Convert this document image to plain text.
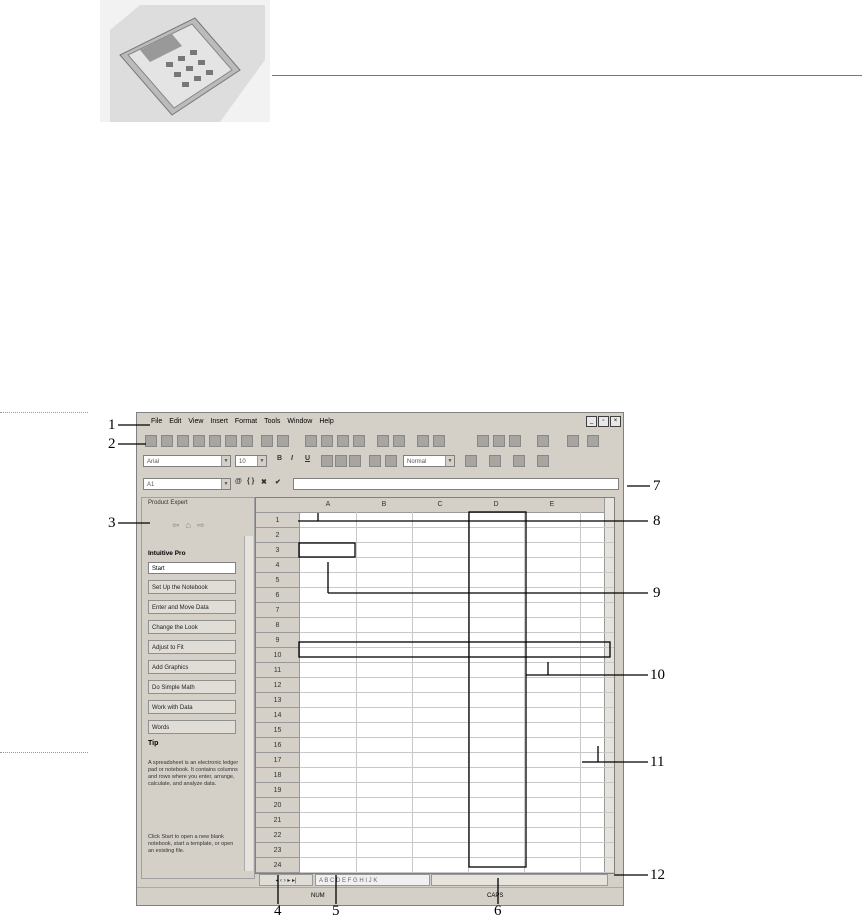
File Edit View Insert Format Tools Window Help	_	▫	×
Arial	▼	10	▼ B I U	Normal	▼
A1	▼ @ { } ✖ ✔
Product Expert
⇦⌂⇨
Intuitive Pro
Start
Set Up the Notebook
Enter and Move Data
Change the Look
Adjust to Fit
Add Graphics
Do Simple Math
Work with Data
Words
Tip
A spreadsheet is an electronic ledger pad or notebook. It contains columns and rows where you enter, arrange, calculate, and analyze data.
Click Start to open a new blank notebook, start a template, or open an existing file.
A	B	C	D	E
1
2
3
4
5
6
7
8
9
10
11
12
13
14
15
16
17
18
19
20
21
22
23
24
◂ ‹ › ▸ ▸|	A B C D E F G H I J K
NUM	CAPS
1
2
3
4	5	6
7
8
9
10
11
12
